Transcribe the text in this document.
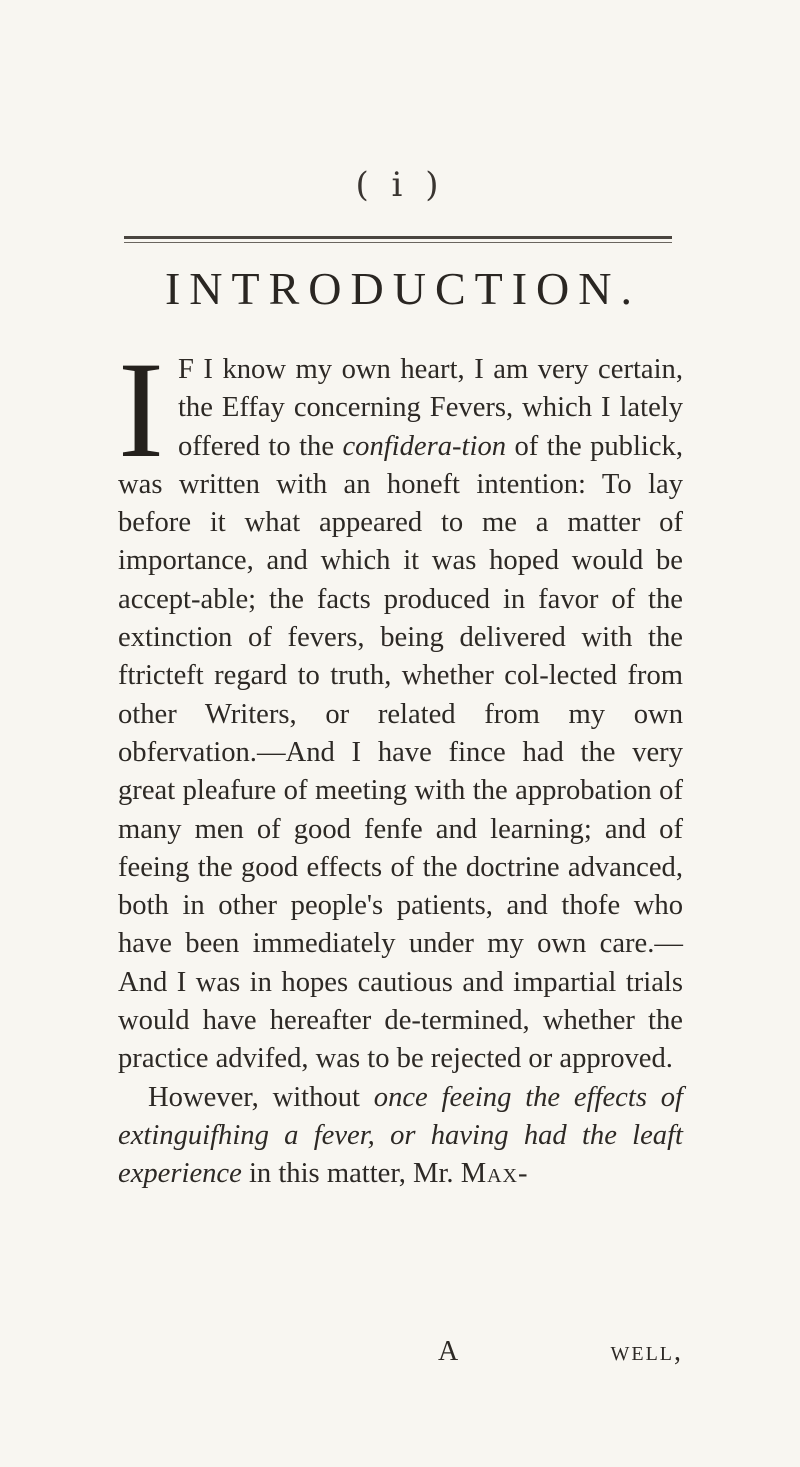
( i )
INTRODUCTION.

I F I know my own heart, I am very certain, the Effay concerning Fevers, which I lately offered to the confidera-tion of the publick, was written with an honeft intention: To lay before it what appeared to me a matter of importance, and which it was hoped would be accept-able; the facts produced in favor of the extinction of fevers, being delivered with the ftricteft regard to truth, whether col-lected from other Writers, or related from my own obfervation.—And I have fince had the very great pleafure of meeting with the approbation of many men of good fenfe and learning; and of feeing the good effects of the doctrine advanced, both in other people's patients, and thofe who have been immediately under my own care.—And I was in hopes cautious and impartial trials would have hereafter de-termined, whether the practice advifed, was to be rejected or approved.

However, without once feeing the effects of extinguifhing a fever, or having had the leaft experience in this matter, Mr. Max-

A	well,
